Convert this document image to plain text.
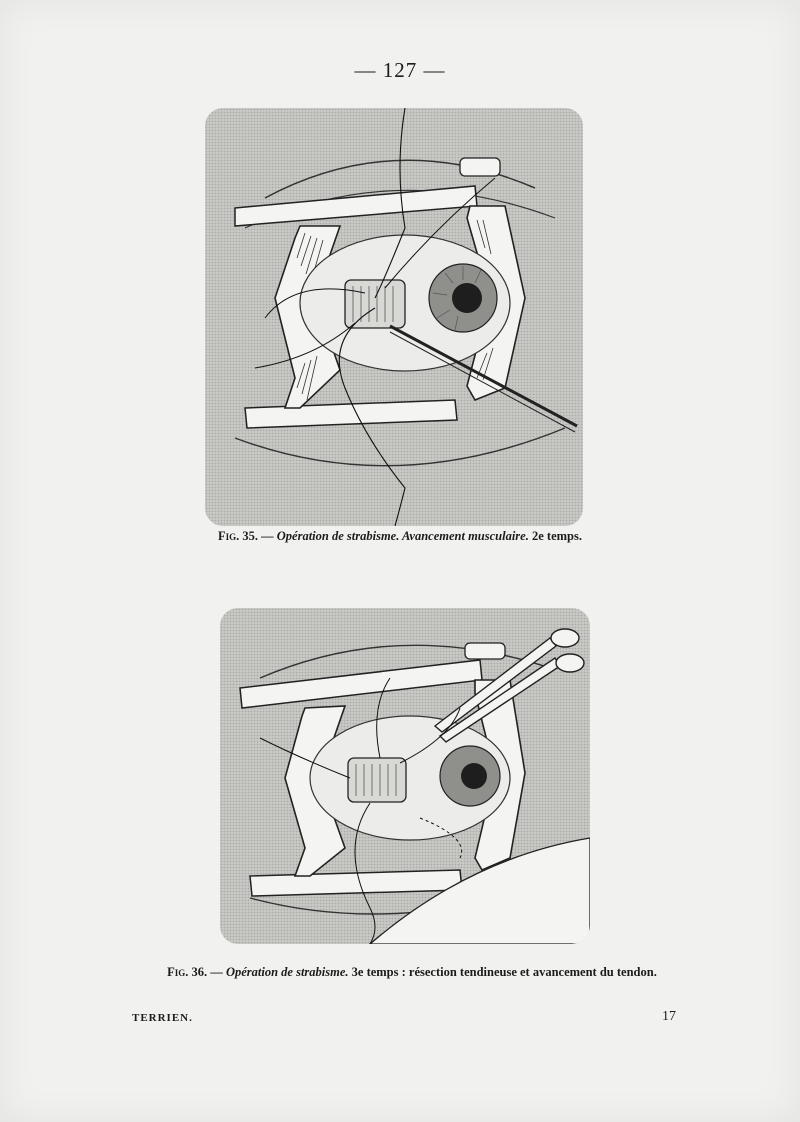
— 127 —
Fig. 35. — Opération de strabisme. Avancement musculaire. 2e temps.
Fig. 36. — Opération de strabisme. 3e temps : résection tendineuse et avancement du tendon.
TERRIEN.	17
